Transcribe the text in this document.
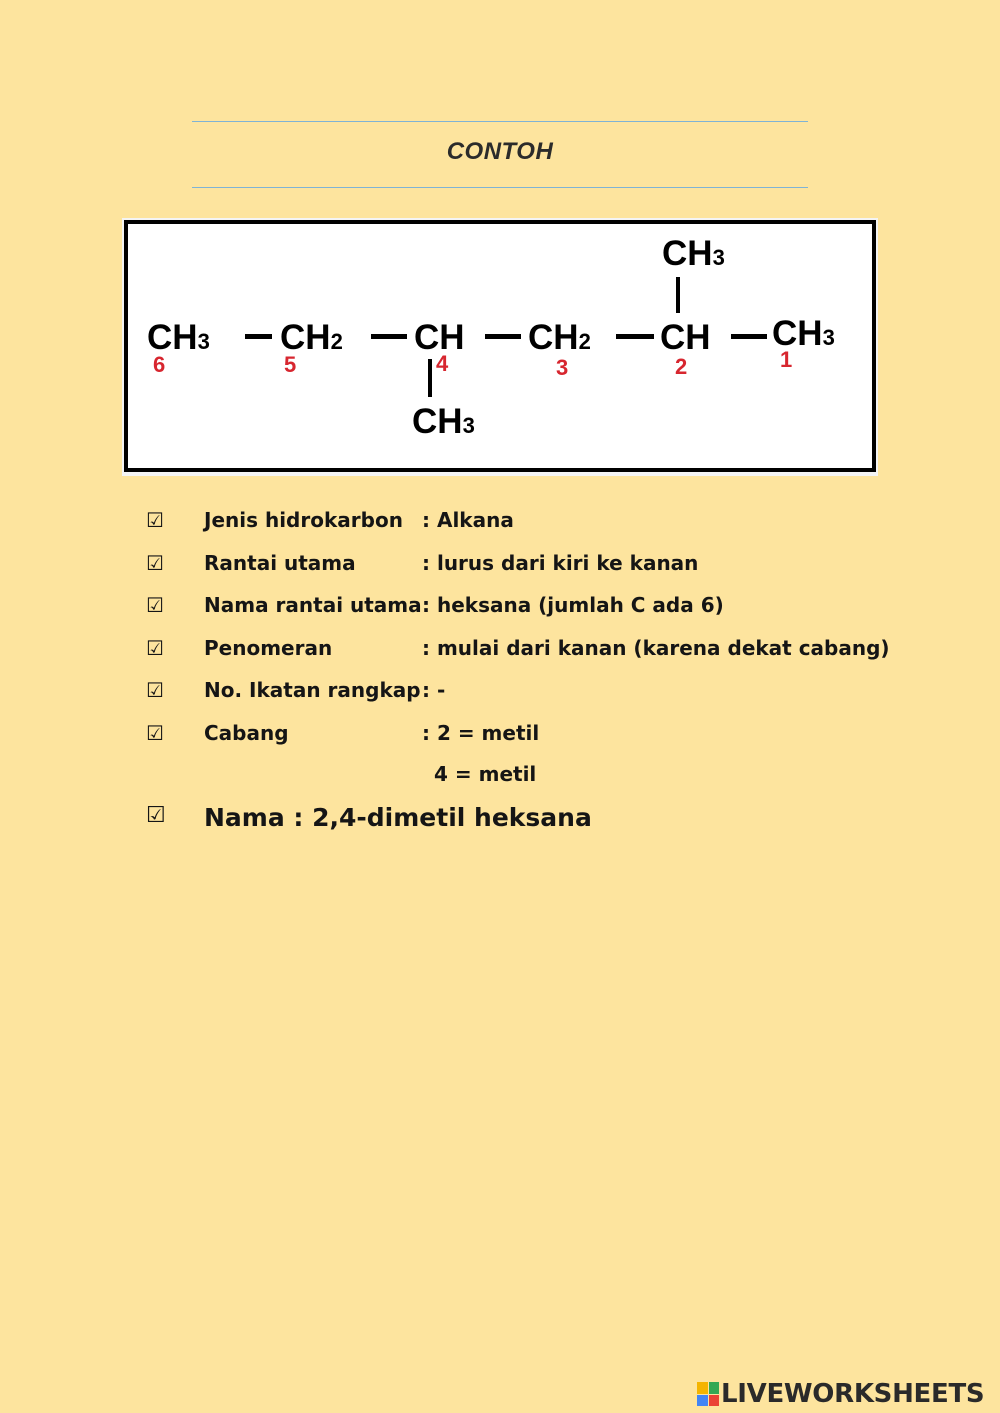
CONTOH
CH3 CH2 CH CH2 CH CH3
CH3
CH3
6	5	4	3	2	1
☑ Jenis hidrokarbon : Alkana
☑ Rantai utama	: lurus dari kiri ke kanan
☑ Nama rantai utama : heksana (jumlah C ada 6)
☑ Penomeran	: mulai dari kanan (karena dekat cabang)
☑ No. Ikatan rangkap : -
☑ Cabang	: 2 = metil
4 = metil
☑ Nama : 2,4-dimetil heksana
LIVEWORKSHEETS
